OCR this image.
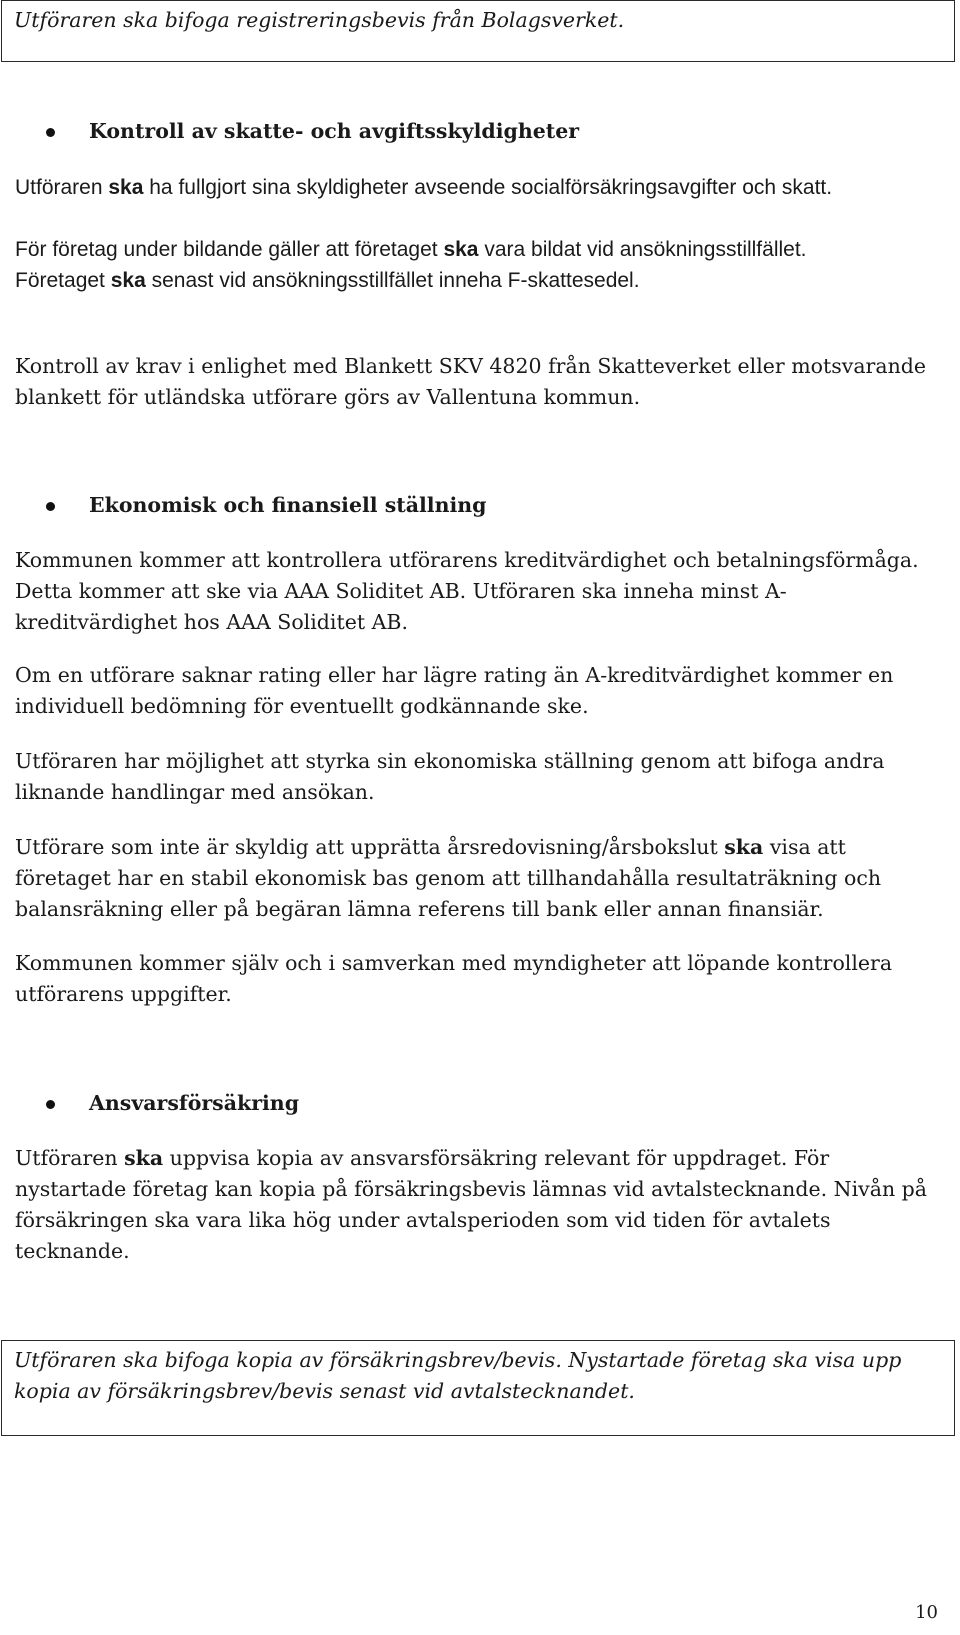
Utföraren ska bifoga registreringsbevis från Bolagsverket.
Kontroll av skatte- och avgiftsskyldigheter

Utföraren ska ha fullgjort sina skyldigheter avseende socialförsäkringsavgifter och skatt.

För företag under bildande gäller att företaget ska vara bildat vid ansökningsstillfället. Företaget ska senast vid ansökningsstillfället inneha F-skattesedel.

Kontroll av krav i enlighet med Blankett SKV 4820 från Skatteverket eller motsvarande blankett för utländska utförare görs av Vallentuna kommun.

Ekonomisk och finansiell ställning

Kommunen kommer att kontrollera utförarens kreditvärdighet och betalningsförmåga. Detta kommer att ske via AAA Soliditet AB. Utföraren ska inneha minst A-kreditvärdighet hos AAA Soliditet AB.

Om en utförare saknar rating eller har lägre rating än A-kreditvärdighet kommer en individuell bedömning för eventuellt godkännande ske.

Utföraren har möjlighet att styrka sin ekonomiska ställning genom att bifoga andra liknande handlingar med ansökan.

Utförare som inte är skyldig att upprätta årsredovisning/årsbokslut ska visa att företaget har en stabil ekonomisk bas genom att tillhandahålla resultaträkning och balansräkning eller på begäran lämna referens till bank eller annan finansiär.

Kommunen kommer själv och i samverkan med myndigheter att löpande kontrollera utförarens uppgifter.

Ansvarsförsäkring

Utföraren ska uppvisa kopia av ansvarsförsäkring relevant för uppdraget. För nystartade företag kan kopia på försäkringsbevis lämnas vid avtalstecknande. Nivån på försäkringen ska vara lika hög under avtalsperioden som vid tiden för avtalets tecknande.

Utföraren ska bifoga kopia av försäkringsbrev/bevis. Nystartade företag ska visa upp kopia av försäkringsbrev/bevis senast vid avtalstecknandet.
10
